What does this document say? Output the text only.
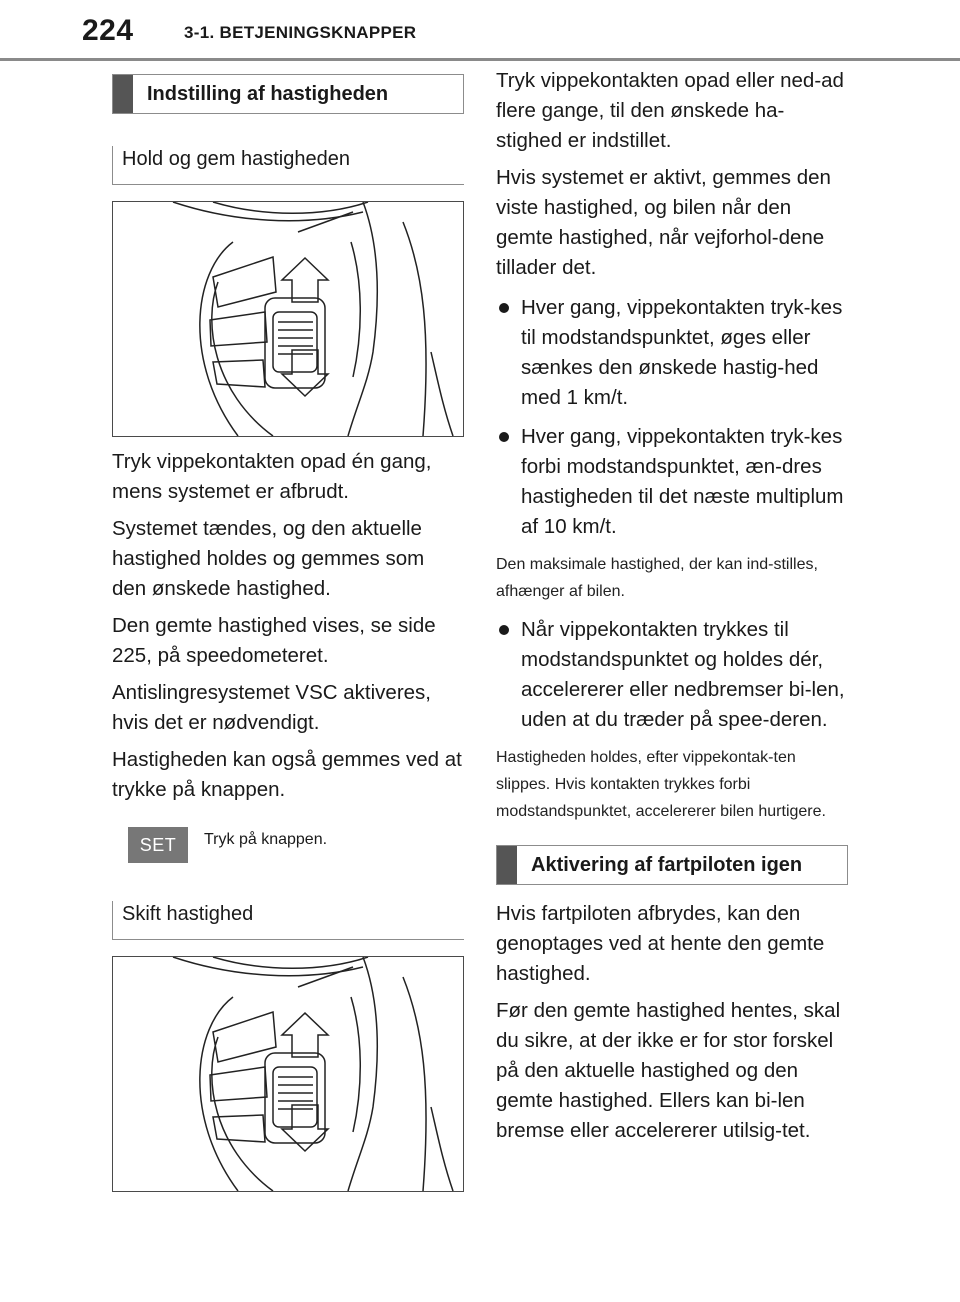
224	3-1. BETJENINGSKNAPPER
Indstilling af hastigheden
Hold og gem hastigheden

Tryk vippekontakten opad én gang, mens systemet er afbrudt.

Systemet tændes, og den aktuelle hastighed holdes og gemmes som den ønskede hastighed.

Den gemte hastighed vises, se side 225, på speedometeret.

Antislingresystemet VSC aktiveres, hvis det er nødvendigt.

Hastigheden kan også gemmes ved at trykke på knappen.

SET	Tryk på knappen.
Skift hastighed

Tryk vippekontakten opad eller ned-ad flere gange, til den ønskede ha-stighed er indstillet.

Hvis systemet er aktivt, gemmes den viste hastighed, og bilen når den gemte hastighed, når vejforhol-dene tillader det.

Hver gang, vippekontakten tryk-kes til modstandspunktet, øges eller sænkes den ønskede hastig-hed med 1 km/t.
Hver gang, vippekontakten tryk-kes forbi modstandspunktet, æn-dres hastigheden til det næste multiplum af 10 km/t.

Den maksimale hastighed, der kan ind-stilles, afhænger af bilen.

Når vippekontakten trykkes til modstandspunktet og holdes dér, accelererer eller nedbremser bi-len, uden at du træder på spee-deren.

Hastigheden holdes, efter vippekontak-ten slippes. Hvis kontakten trykkes forbi modstandspunktet, accelererer bilen hurtigere.

Aktivering af fartpiloten igen

Hvis fartpiloten afbrydes, kan den genoptages ved at hente den gemte hastighed.

Før den gemte hastighed hentes, skal du sikre, at der ikke er for stor forskel på den aktuelle hastighed og den gemte hastighed. Ellers kan bi-len bremse eller accelererer utilsig-tet.
